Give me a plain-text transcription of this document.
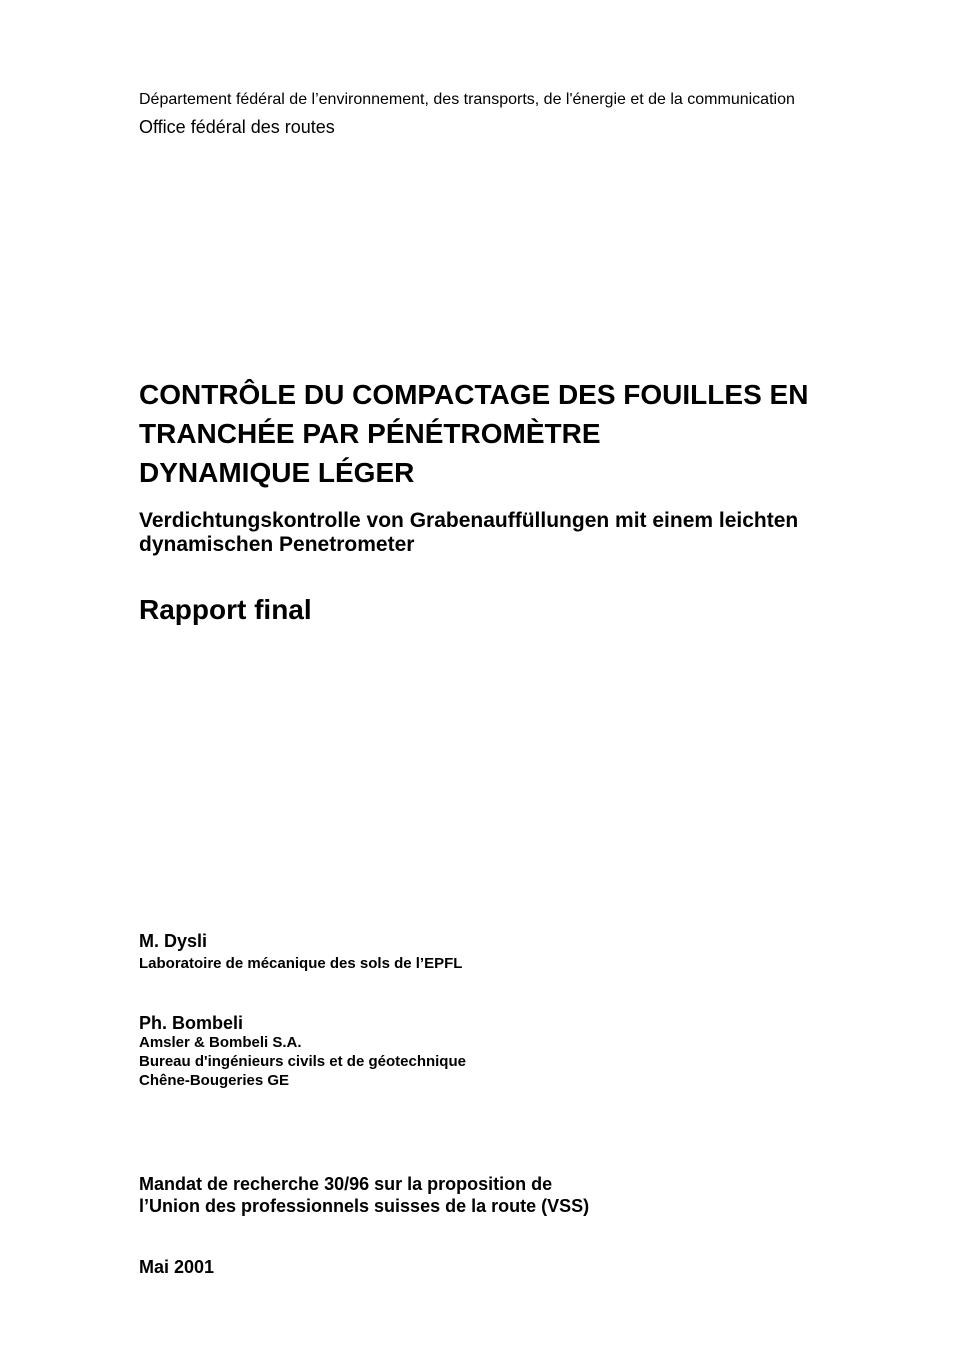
Département fédéral de l’environnement, des transports, de l'énergie et de la communication
Office fédéral des routes
CONTRÔLE DU COMPACTAGE DES FOUILLES EN
TRANCHÉE PAR PÉNÉTROMÈTRE
DYNAMIQUE LÉGER
Verdichtungskontrolle von Grabenauffüllungen mit einem leichten
dynamischen Penetrometer
Rapport final
M. Dysli
Laboratoire de mécanique des sols de l’EPFL
Ph. Bombeli
Amsler & Bombeli S.A.
Bureau d'ingénieurs civils et de géotechnique
Chêne-Bougeries GE
Mandat de recherche 30/96 sur la proposition de
l’Union des professionnels suisses de la route (VSS)
Mai 2001
